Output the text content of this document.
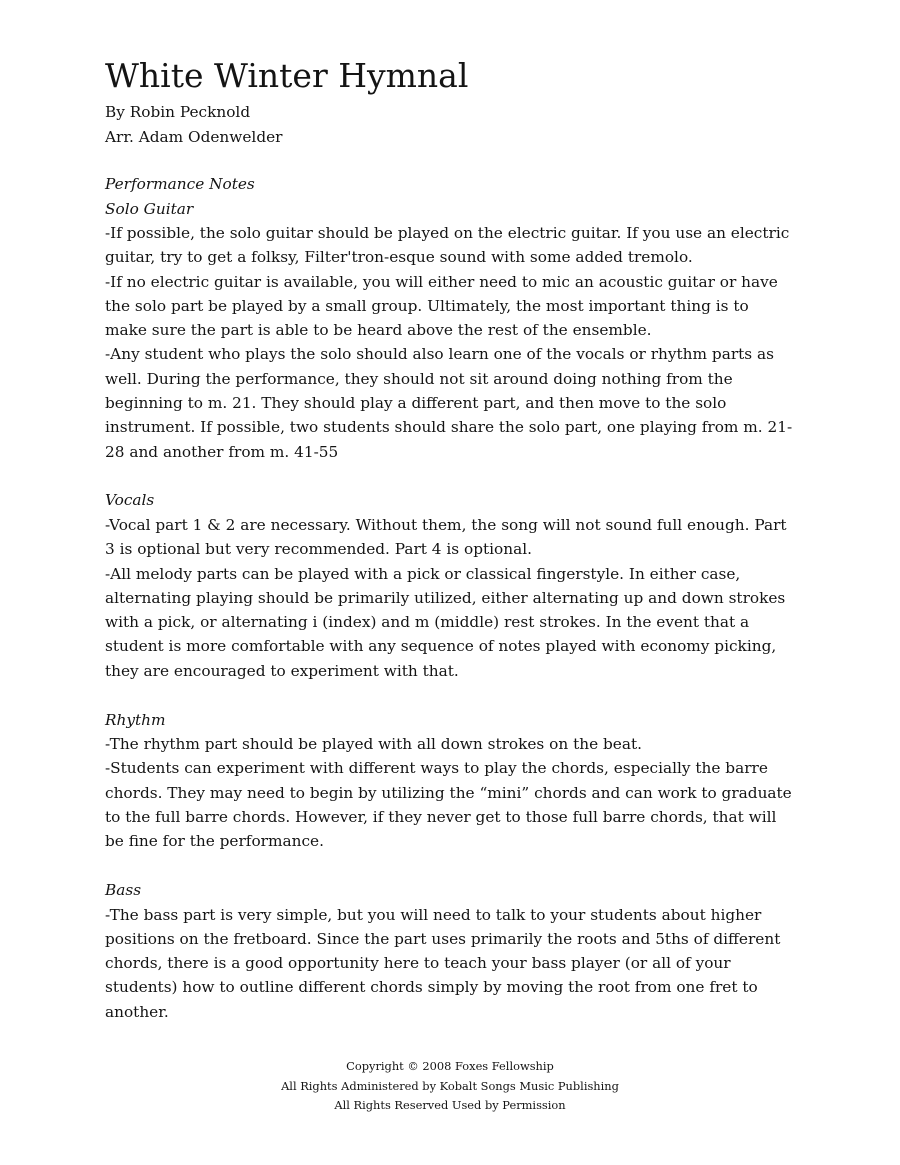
White Winter Hymnal

By Robin Pecknold

Arr. Adam Odenwelder

Performance Notes

Solo Guitar

-If possible, the solo guitar should be played on the electric guitar. If you use an electric guitar, try to get a folksy, Filter'tron-esque sound with some added tremolo.

-If no electric guitar is available, you will either need to mic an acoustic guitar or have the solo part be played by a small group. Ultimately, the most important thing is to make sure the part is able to be heard above the rest of the ensemble.

-Any student who plays the solo should also learn one of the vocals or rhythm parts as well. During the performance, they should not sit around doing nothing from the beginning to m. 21. They should play a different part, and then move to the solo instrument. If possible, two students should share the solo part, one playing from m. 21-28 and another from m. 41-55

Vocals

-Vocal part 1 & 2 are necessary. Without them, the song will not sound full enough. Part 3 is optional but very recommended. Part 4 is optional.

-All melody parts can be played with a pick or classical fingerstyle. In either case, alternating playing should be primarily utilized, either alternating up and down strokes with a pick, or alternating i (index) and m (middle) rest strokes. In the event that a student is more comfortable with any sequence of notes played with economy picking, they are encouraged to experiment with that.

Rhythm

-The rhythm part should be played with all down strokes on the beat.

-Students can experiment with different ways to play the chords, especially the barre chords. They may need to begin by utilizing the “mini” chords and can work to graduate to the full barre chords. However, if they never get to those full barre chords, that will be fine for the performance.

Bass

-The bass part is very simple, but you will need to talk to your students about higher positions on the fretboard. Since the part uses primarily the roots and 5ths of different chords, there is a good opportunity here to teach your bass player (or all of your students) how to outline different chords simply by moving the root from one fret to another.

Copyright © 2008 Foxes Fellowship
All Rights Administered by Kobalt Songs Music Publishing
All Rights Reserved Used by Permission
